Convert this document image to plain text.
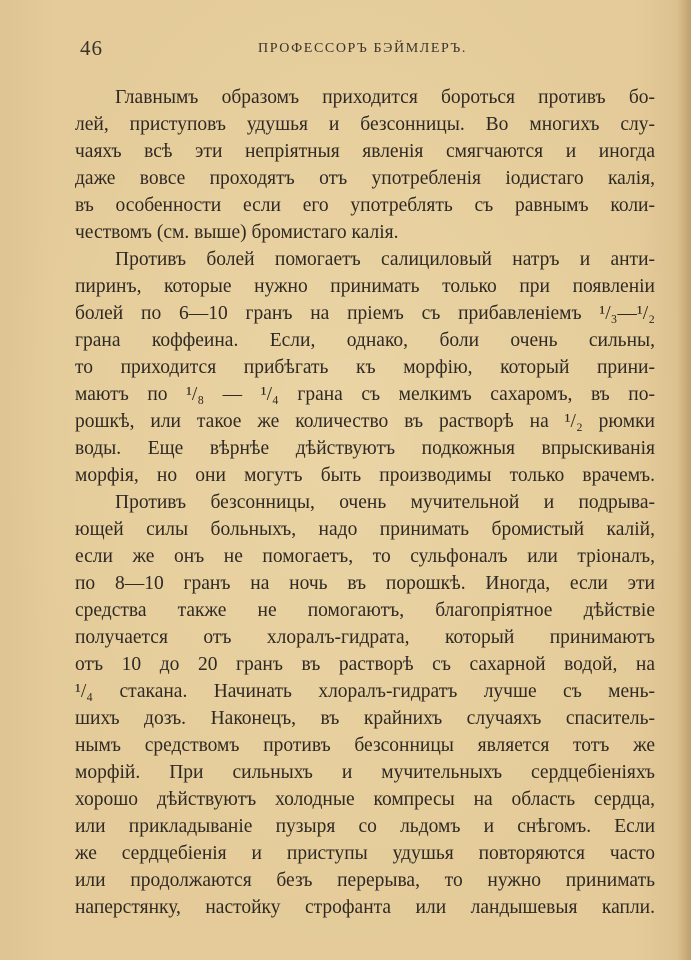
46	ПРОФЕССОРЪ БЭЙМЛЕРЪ.
Главнымъ образомъ приходится бороться противъ бо-
лей, приступовъ удушья и безсонницы. Во многихъ слу-
чаяхъ всѣ эти непріятныя явленія смягчаются и иногда
даже вовсе проходятъ отъ употребленія іодистаго калія,
въ особенности если его употреблять съ равнымъ коли-
чествомъ (см. выше) бромистаго калія.
Противъ болей помогаетъ салициловый натръ и анти-
пиринъ, которые нужно принимать только при появленіи
болей по 6—10 гранъ на пріемъ съ прибавленіемъ ¹/₃—¹/₂
грана коффеина. Если, однако, боли очень сильны,
то приходится прибѣгать къ морфію, который прини-
маютъ по ¹/₈ — ¹/₄ грана съ мелкимъ сахаромъ, въ по-
рошкѣ, или такое же количество въ растворѣ на ¹/₂ рюмки
воды. Еще вѣрнѣе дѣйствуютъ подкожныя впрыскиванія
морфія, но они могутъ быть производимы только врачемъ.
Противъ безсонницы, очень мучительной и подрыва-
ющей силы больныхъ, надо принимать бромистый калій,
если же онъ не помогаетъ, то сульфоналъ или тріоналъ,
по 8—10 гранъ на ночь въ порошкѣ. Иногда, если эти
средства также не помогаютъ, благопріятное дѣйствіе
получается отъ хлоралъ-гидрата, который принимаютъ
отъ 10 до 20 гранъ въ растворѣ съ сахарной водой, на
¹/₄ стакана. Начинать хлоралъ-гидратъ лучше съ мень-
шихъ дозъ. Наконецъ, въ крайнихъ случаяхъ спаситель-
нымъ средствомъ противъ безсонницы является тотъ же
морфій. При сильныхъ и мучительныхъ сердцебіеніяхъ
хорошо дѣйствуютъ холодные компресы на область сердца,
или прикладываніе пузыря со льдомъ и снѣгомъ. Если
же сердцебіенія и приступы удушья повторяются часто
или продолжаются безъ перерыва, то нужно принимать
наперстянку, настойку строфанта или ландышевыя капли.
